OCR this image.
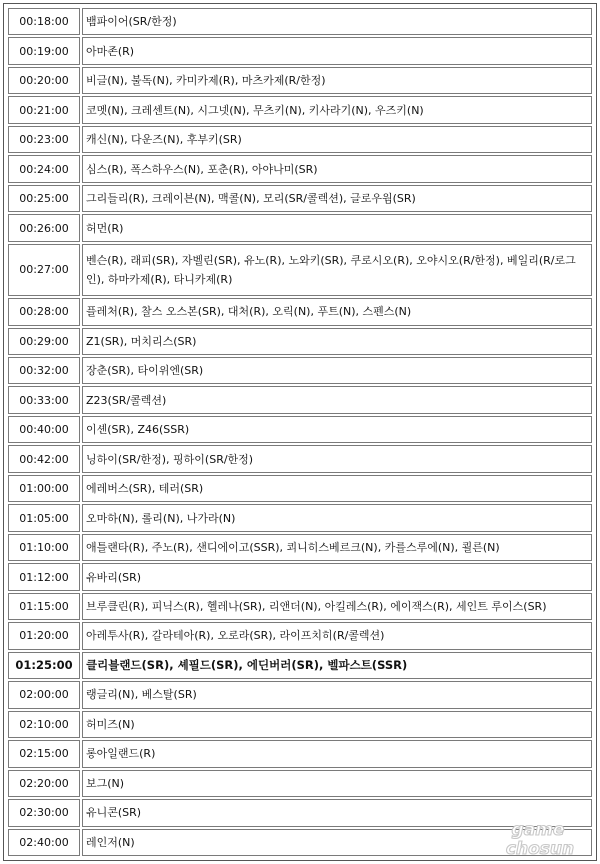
00:18:00	뱀파이어(SR/한정)
00:19:00	아마존(R)
00:20:00	비글(N), 불독(N), 카미카제(R), 마츠카제(R/한정)
00:21:00	코멧(N), 크레센트(N), 시그넷(N), 무츠키(N), 키사라기(N), 우즈키(N)
00:23:00	캐신(N), 다운즈(N), 후부키(SR)
00:24:00	심스(R), 폭스하우스(N), 포춘(R), 아야나미(SR)
00:25:00	그리들리(R), 크레이븐(N), 맥콜(N), 모리(SR/콜렉션), 글로우웜(SR)
00:26:00	허먼(R)
00:27:00	벤슨(R), 래피(SR), 자벨린(SR), 유노(R), 노와키(SR), 쿠로시오(R), 오야시오(R/한정), 베일리(R/로그인), 하마카제(R), 타니카제(R)
00:28:00	플레처(R), 찰스 오스본(SR), 대처(R), 오릭(N), 푸트(N), 스펜스(N)
00:29:00	Z1(SR), 머치리스(SR)
00:32:00	장춘(SR), 타이위엔(SR)
00:33:00	Z23(SR/콜렉션)
00:40:00	이셴(SR), Z46(SSR)
00:42:00	닝하이(SR/한정), 핑하이(SR/한정)
01:00:00	에레버스(SR), 테러(SR)
01:05:00	오마하(N), 롤리(N), 나가라(N)
01:10:00	애틀랜타(R), 주노(R), 샌디에이고(SSR), 쾨니히스베르크(N), 카를스루에(N), 쾰른(N)
01:12:00	유바리(SR)
01:15:00	브루클린(R), 피닉스(R), 헬레나(SR), 리앤더(N), 아킬레스(R), 에이잭스(R), 세인트 루이스(SR)
01:20:00	아레투사(R), 갈라테아(R), 오로라(SR), 라이프치히(R/콜렉션)
01:25:00	클리블랜드(SR), 셰필드(SR), 에딘버러(SR), 벨파스트(SSR)
02:00:00	랭글리(N), 베스탈(SR)
02:10:00	허미즈(N)
02:15:00	롱아일랜드(R)
02:20:00	보그(N)
02:30:00	유니콘(SR)
02:40:00	레인저(N)
game
chosun
